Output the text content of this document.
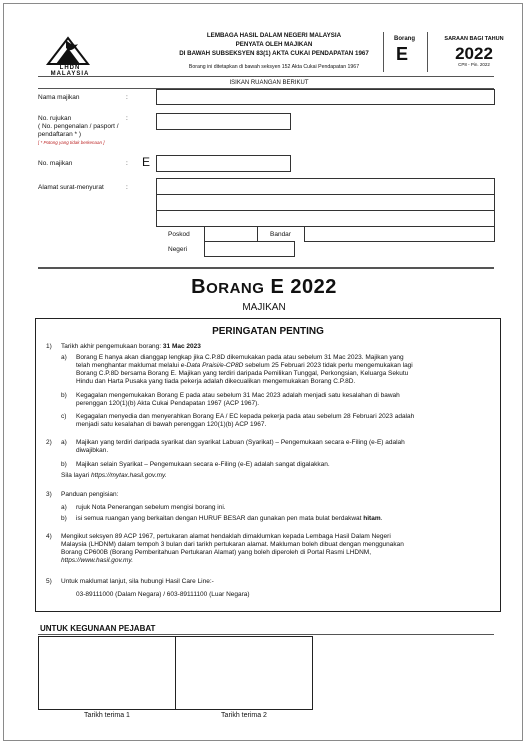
LHDN MALAYSIA
LEMBAGA HASIL DALAM NEGERI MALAYSIA
PENYATA OLEH MAJIKAN
DI BAWAH SUBSEKSYEN 83(1) AKTA CUKAI PENDAPATAN 1967
Borang ini ditetapkan di bawah seksyen 152 Akta Cukai Pendapatan 1967
Borang
E
SARAAN BAGI TAHUN
2022
CP8 - Pin. 2022
ISIKAN RUANGAN BERIKUT
Nama majikan	:
No. rujukan
( No. pengenalan / pasport /
pendaftaran * )
[ * Potong yang tidak berkenaan ]
:
No. majikan	: E
Alamat surat-menyurat	:
Poskod	Bandar
Negeri
BORANG E 2022
MAJIKAN
PERINGATAN PENTING
1) Tarikh akhir pengemukaan borang: 31 Mac 2023
a) Borang E hanya akan dianggap lengkap jika C.P.8D dikemukakan pada atau sebelum 31 Mac 2023. Majikan yang
telah menghantar maklumat melalui e-Data Praisi/e-CP8D sebelum 25 Februari 2023 tidak perlu mengemukakan lagi
Borang C.P.8D bersama Borang E. Majikan yang terdiri daripada Pemilikan Tunggal, Perkongsian, Keluarga Sekutu
Hindu dan Harta Pusaka yang tiada pekerja adalah dikecualikan mengemukakan Borang C.P.8D.
b) Kegagalan mengemukakan Borang E pada atau sebelum 31 Mac 2023 adalah menjadi satu kesalahan di bawah
perenggan 120(1)(b) Akta Cukai Pendapatan 1967 (ACP 1967).
c) Kegagalan menyedia dan menyerahkan Borang EA / EC kepada pekerja pada atau sebelum 28 Februari 2023 adalah
menjadi satu kesalahan di bawah perenggan 120(1)(b) ACP 1967.
2) a) Majikan yang terdiri daripada syarikat dan syarikat Labuan (Syarikat) – Pengemukaan secara e-Filing (e-E) adalah
diwajibkan.
b) Majikan selain Syarikat – Pengemukaan secara e-Filing (e-E) adalah sangat digalakkan.
Sila layari https://mytax.hasil.gov.my.
3) Panduan pengisian:
a) rujuk Nota Penerangan sebelum mengisi borang ini.
b) isi semua ruangan yang berkaitan dengan HURUF BESAR dan gunakan pen mata bulat berdakwat hitam.
4) Mengikut seksyen 89 ACP 1967, pertukaran alamat hendaklah dimaklumkan kepada Lembaga Hasil Dalam Negeri
Malaysia (LHDNM) dalam tempoh 3 bulan dari tarikh pertukaran alamat. Makluman boleh dibuat dengan menggunakan
Borang CP600B (Borang Pemberitahuan Pertukaran Alamat) yang boleh diperoleh di Portal Rasmi LHDNM,
https://www.hasil.gov.my.
5) Untuk maklumat lanjut, sila hubungi Hasil Care Line:-
03-89111000 (Dalam Negara) / 603-89111100 (Luar Negara)
UNTUK KEGUNAAN PEJABAT
Tarikh terima 1	Tarikh terima 2
